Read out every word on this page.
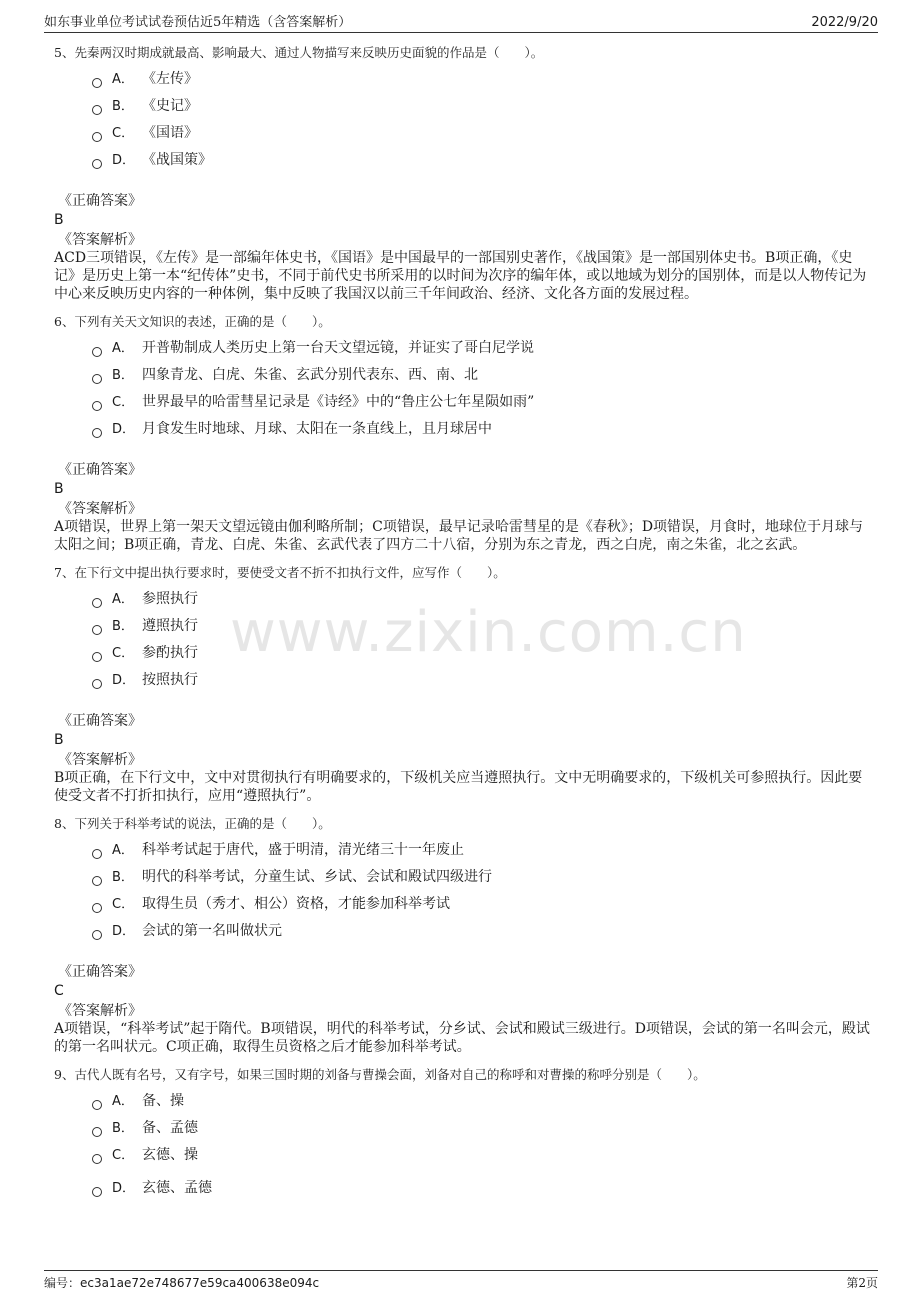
如东事业单位考试试卷预估近5年精选（含答案解析）	2022/9/20
www.zixin.com.cn

5、先秦两汉时期成就最高、影响最大、通过人物描写来反映历史面貌的作品是（　　）。

A． 《左传》
B． 《史记》
C． 《国语》
D． 《战国策》
《正确答案》
B
《答案解析》
ACD三项错误，《左传》是一部编年体史书，《国语》是中国最早的一部国别史著作，《战国策》是一部国别体史书。B项正确，《史记》是历史上第一本“纪传体”史书，不同于前代史书所采用的以时间为次序的编年体，或以地域为划分的国别体，而是以人物传记为中心来反映历史内容的一种体例，集中反映了我国汉以前三千年间政治、经济、文化各方面的发展过程。

6、下列有关天文知识的表述，正确的是（　　）。

A． 开普勒制成人类历史上第一台天文望远镜，并证实了哥白尼学说
B． 四象青龙、白虎、朱雀、玄武分别代表东、西、南、北
C． 世界最早的哈雷彗星记录是《诗经》中的“鲁庄公七年星陨如雨”
D． 月食发生时地球、月球、太阳在一条直线上，且月球居中
《正确答案》
B
《答案解析》
A项错误，世界上第一架天文望远镜由伽利略所制；C项错误，最早记录哈雷彗星的是《春秋》；D项错误，月食时，地球位于月球与太阳之间；B项正确，青龙、白虎、朱雀、玄武代表了四方二十八宿，分别为东之青龙，西之白虎，南之朱雀，北之玄武。

7、在下行文中提出执行要求时，要使受文者不折不扣执行文件，应写作（　　）。

A． 参照执行
B． 遵照执行
C． 参酌执行
D． 按照执行
《正确答案》
B
《答案解析》
B项正确，在下行文中，文中对贯彻执行有明确要求的，下级机关应当遵照执行。文中无明确要求的，下级机关可参照执行。因此要使受文者不打折扣执行，应用“遵照执行”。

8、下列关于科举考试的说法，正确的是（　　）。

A． 科举考试起于唐代，盛于明清，清光绪三十一年废止
B． 明代的科举考试，分童生试、乡试、会试和殿试四级进行
C． 取得生员（秀才、相公）资格，才能参加科举考试
D． 会试的第一名叫做状元
《正确答案》
C
《答案解析》
A项错误，“科举考试”起于隋代。B项错误，明代的科举考试，分乡试、会试和殿试三级进行。D项错误，会试的第一名叫会元，殿试的第一名叫状元。C项正确，取得生员资格之后才能参加科举考试。

9、古代人既有名号，又有字号，如果三国时期的刘备与曹操会面，刘备对自己的称呼和对曹操的称呼分别是（　　）。

A． 备、操
B． 备、孟德
C． 玄德、操
D． 玄德、孟德
编号：ec3a1ae72e748677e59ca400638e094c	第2页
